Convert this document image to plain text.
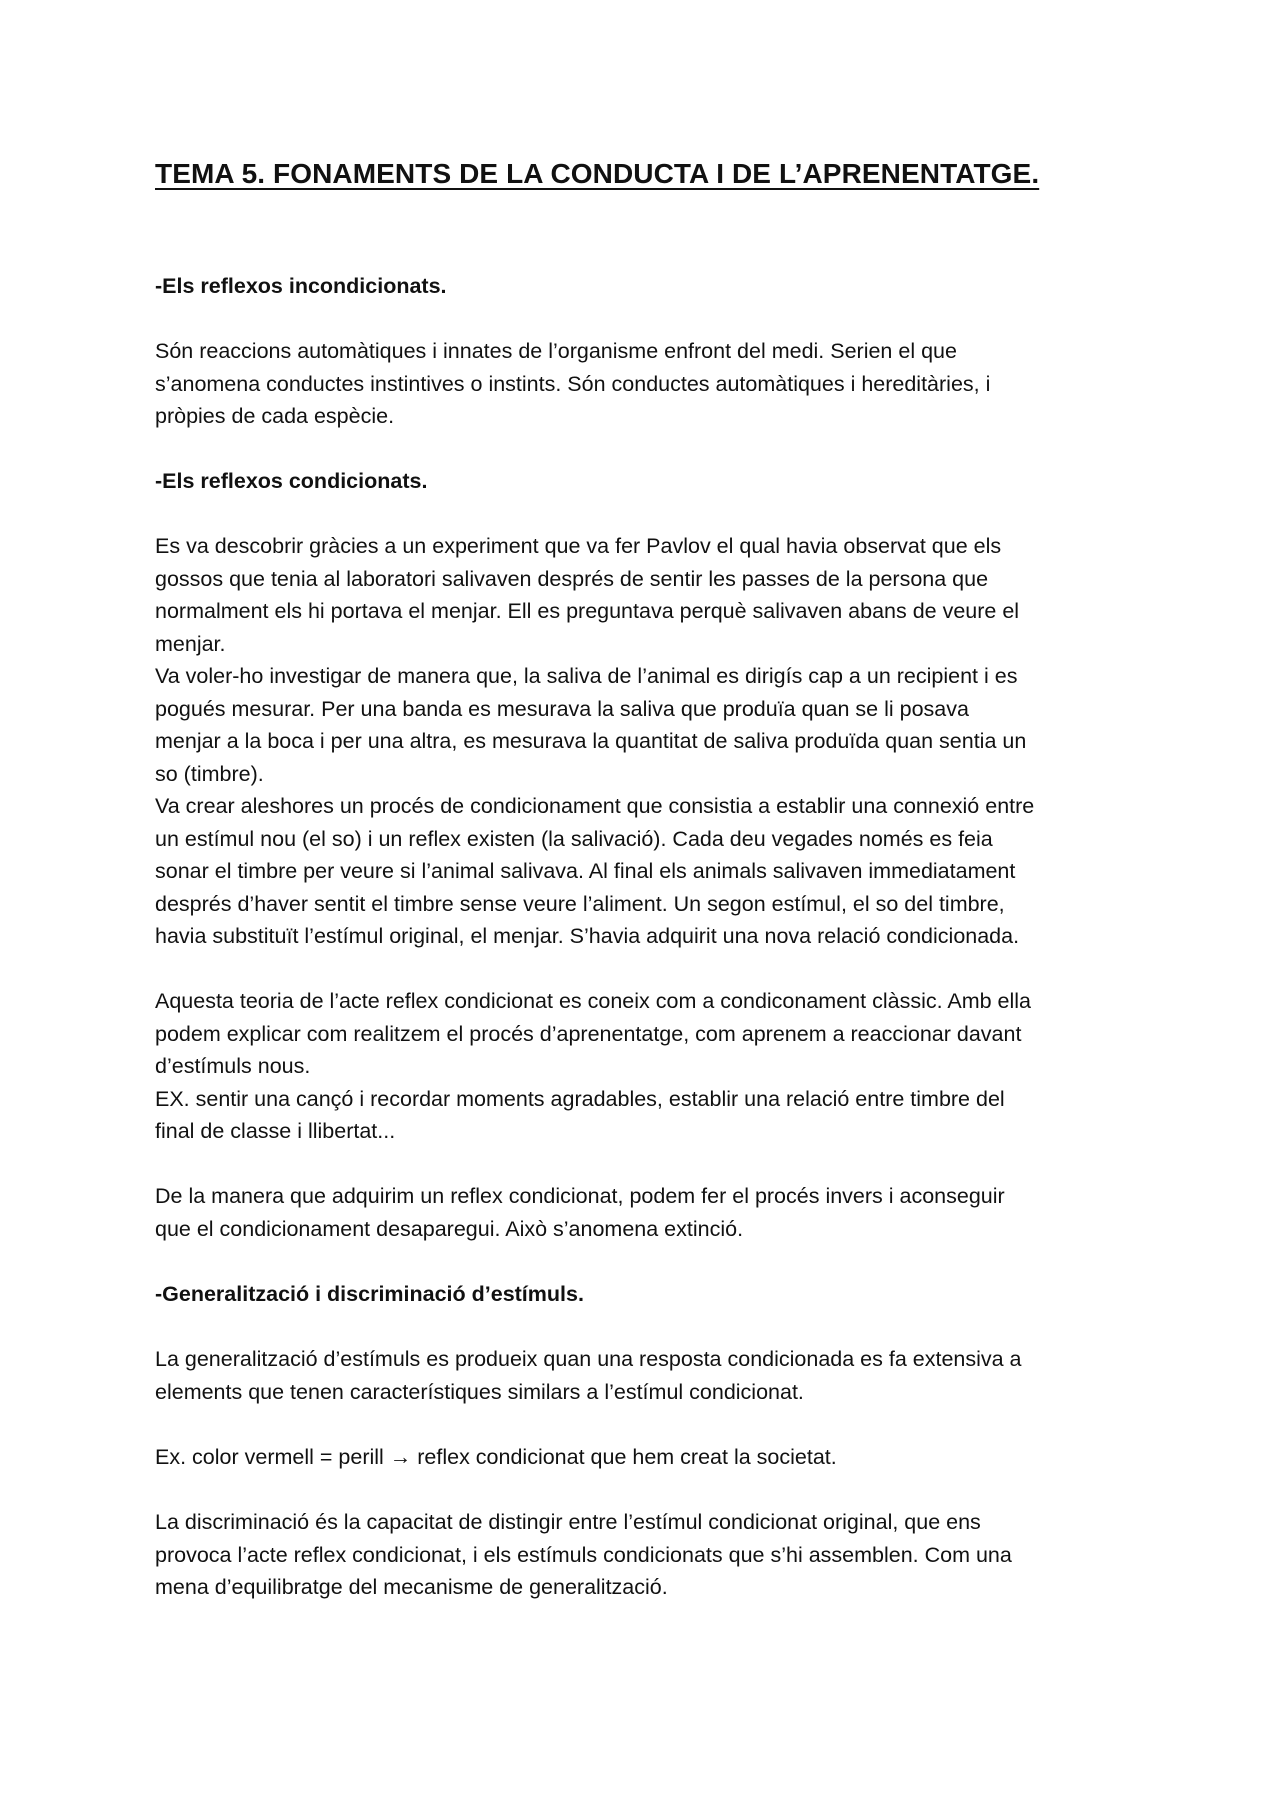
TEMA 5. FONAMENTS DE LA CONDUCTA I DE L’APRENENTATGE.

-Els reflexos incondicionats.

Són reaccions automàtiques i innates de l’organisme enfront del medi. Serien el que
s’anomena conductes instintives o instints. Són conductes automàtiques i hereditàries, i
pròpies de cada espècie.

-Els reflexos condicionats.

Es va descobrir gràcies a un experiment que va fer Pavlov el qual havia observat que els
gossos que tenia al laboratori salivaven després de sentir les passes de la persona que
normalment els hi portava el menjar. Ell es preguntava perquè salivaven abans de veure el
menjar.
Va voler-ho investigar de manera que, la saliva de l’animal es dirigís cap a un recipient i es
pogués mesurar. Per una banda es mesurava la saliva que produïa quan se li posava
menjar a la boca i per una altra, es mesurava la quantitat de saliva produïda quan sentia un
so (timbre).
Va crear aleshores un procés de condicionament que consistia a establir una connexió entre
un estímul nou (el so) i un reflex existen (la salivació). Cada deu vegades només es feia
sonar el timbre per veure si l’animal salivava. Al final els animals salivaven immediatament
després d’haver sentit el timbre sense veure l’aliment. Un segon estímul, el so del timbre,
havia substituït l’estímul original, el menjar. S’havia adquirit una nova relació condicionada.

Aquesta teoria de l’acte reflex condicionat es coneix com a condiconament clàssic. Amb ella
podem explicar com realitzem el procés d’aprenentatge, com aprenem a reaccionar davant
d’estímuls nous.
EX. sentir una cançó i recordar moments agradables, establir una relació entre timbre del
final de classe i llibertat...

De la manera que adquirim un reflex condicionat, podem fer el procés invers i aconseguir
que el condicionament desaparegui. Això s’anomena extinció.

-Generalització i discriminació d’estímuls.

La generalització d’estímuls es produeix quan una resposta condicionada es fa extensiva a
elements que tenen característiques similars a l’estímul condicionat.

Ex. color vermell = perill → reflex condicionat que hem creat la societat.

La discriminació és la capacitat de distingir entre l’estímul condicionat original, que ens
provoca l’acte reflex condicionat, i els estímuls condicionats que s’hi assemblen. Com una
mena d’equilibratge del mecanisme de generalització.
